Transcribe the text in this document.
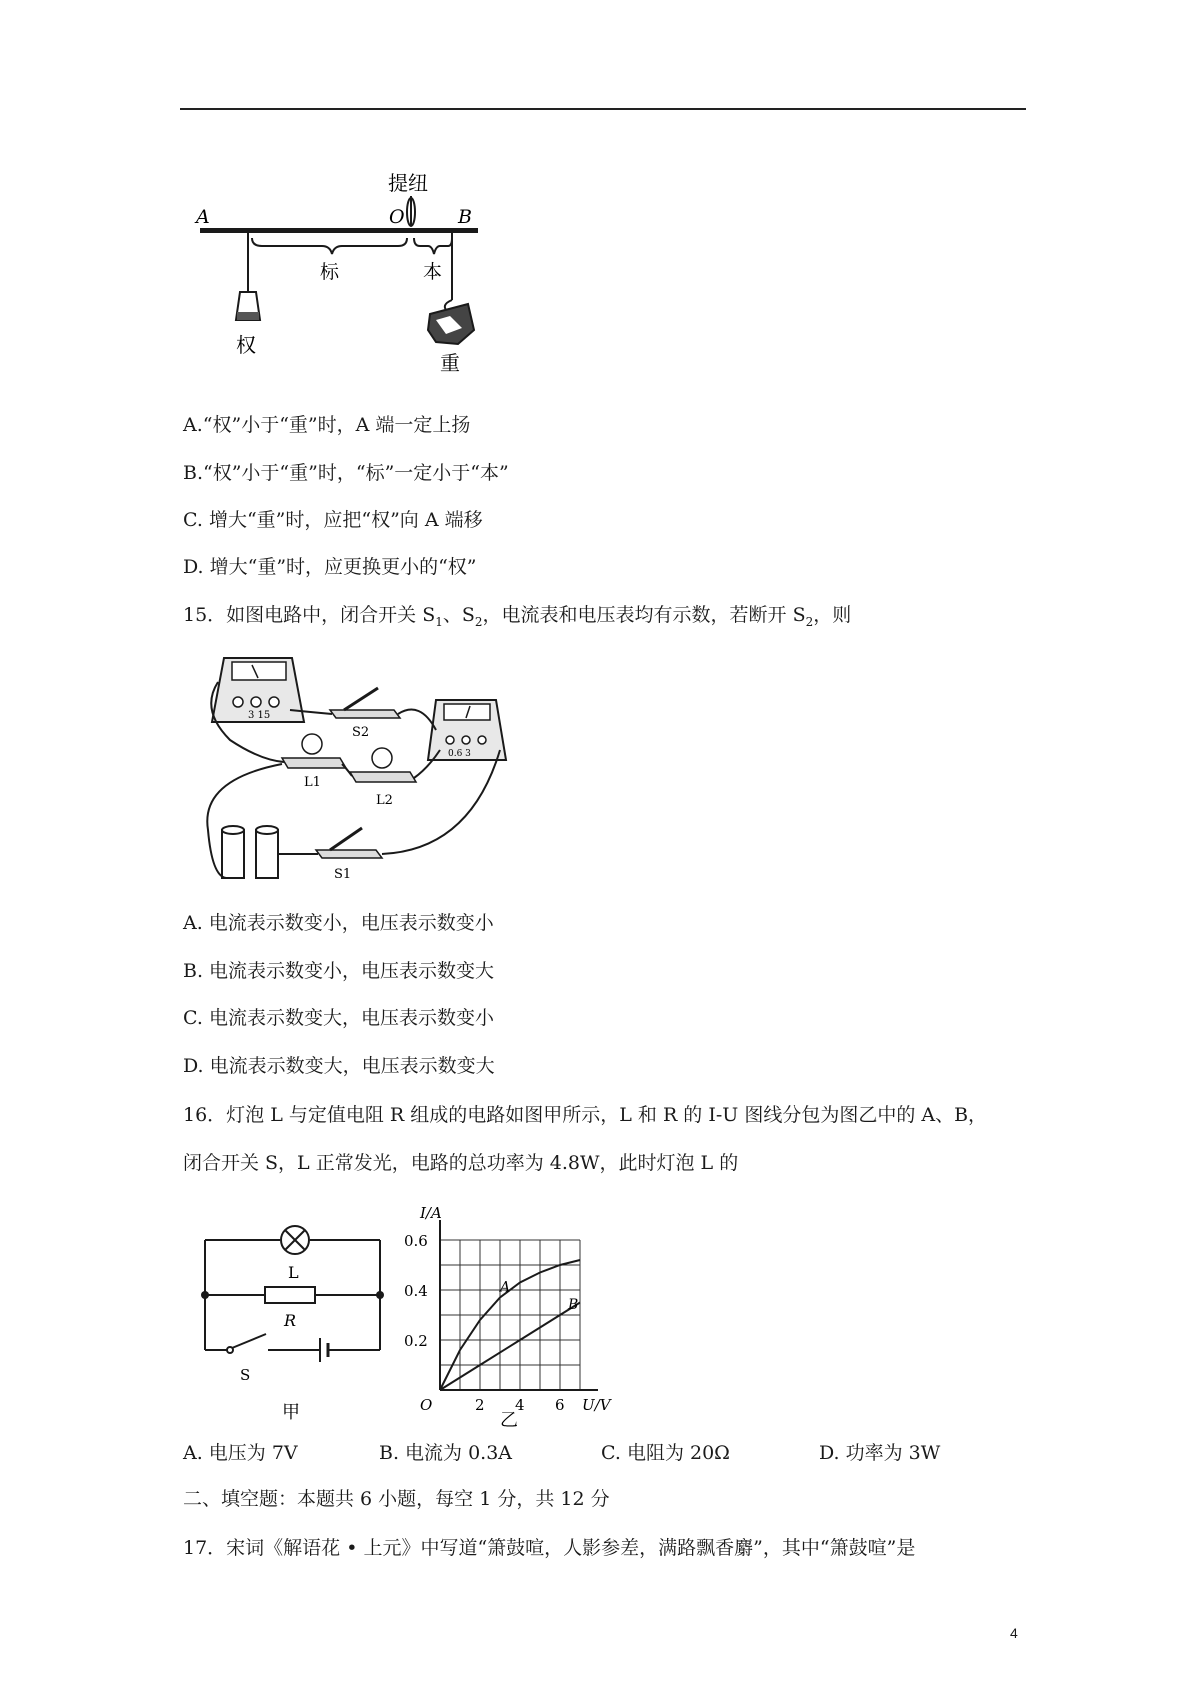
提纽
A	O	B
权
标	本
重
A.“权”小于“重”时，A 端一定上扬
B.“权”小于“重”时，“标”一定小于“本”
C. 增大“重”时，应把“权”向 A 端移
D. 增大“重”时，应更换更小的“权”
15．如图电路中，闭合开关 $S_1$、$S_2$，电流表和电压表均有示数，若断开 $S_2$，则
3 15
0.6 3
S2
L1
L2
S1
A. 电流表示数变小，电压表示数变小
B. 电流表示数变小，电压表示数变大
C. 电流表示数变大，电压表示数变小
D. 电流表示数变大，电压表示数变大
16．灯泡 L 与定值电阻 R 组成的电路如图甲所示，L 和 R 的 I-U 图线分包为图乙中的 A、B，
闭合开关 S，L 正常发光，电路的总功率为 4.8W，此时灯泡 L 的
L
R
S
甲	O
I/A
U/V
2 4 6
0.2
0.4
0.6
A
B
乙
A. 电压为 7V	B. 电流为 0.3A	C. 电阻为 20Ω	D. 功率为 3W
二、填空题：本题共 6 小题，每空 1 分，共 12 分
17．宋词《解语花 • 上元》中写道“箫鼓喧，人影参差，满路飘香麝”，其中“箫鼓喧”是
4
